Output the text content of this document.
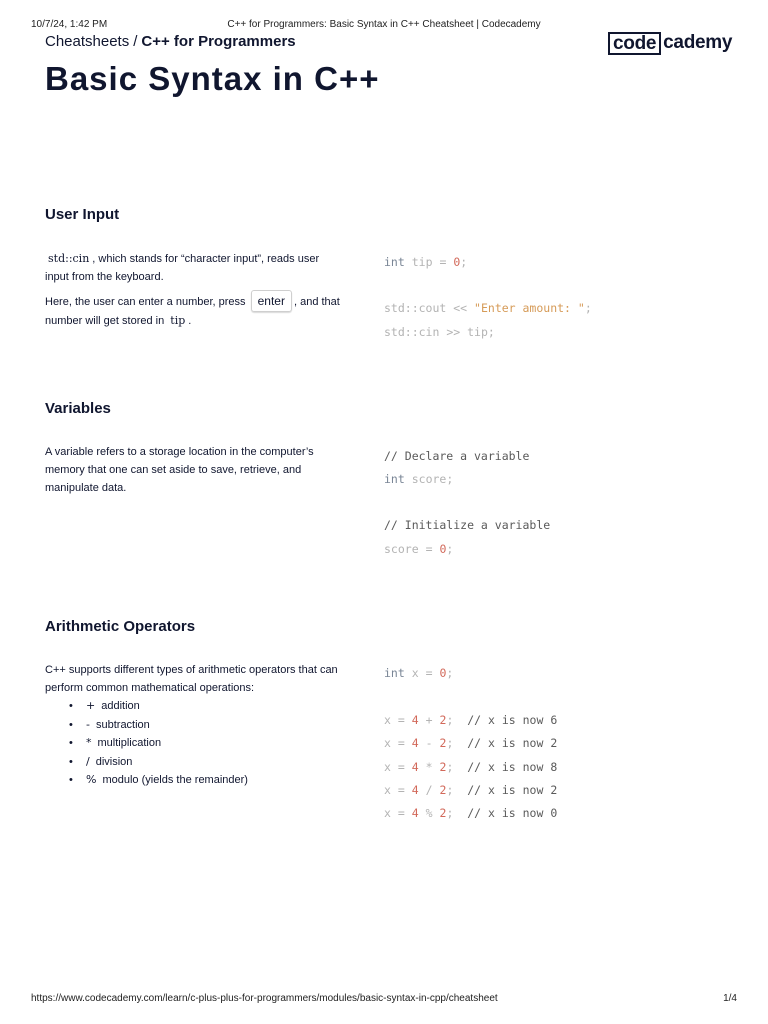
10/7/24, 1:42 PM	C++ for Programmers: Basic Syntax in C++ Cheatsheet | Codecademy
Cheatsheets / C++ for Programmers	code cademy
Basic Syntax in C++
User Input

std::cin , which stands for “character input”, reads user input from the keyboard.

Here, the user can enter a number, press enter , and that number will get stored in tip .

int tip = 0;

std::cout << "Enter amount: ";

std::cin >> tip;

Variables

A variable refers to a storage location in the computer’s memory that one can set aside to save, retrieve, and manipulate data.

// Declare a variable

int score;

// Initialize a variable

score = 0;

Arithmetic Operators

C++ supports different types of arithmetic operators that can perform common mathematical operations:

• + addition
• - subtraction
• * multiplication
• / division
• % modulo (yields the remainder)

int x = 0;

x = 4 + 2; // x is now 6

x = 4 - 2; // x is now 2

x = 4 * 2; // x is now 8

x = 4 / 2; // x is now 2

x = 4 % 2; // x is now 0

https://www.codecademy.com/learn/c-plus-plus-for-programmers/modules/basic-syntax-in-cpp/cheatsheet	1/4
